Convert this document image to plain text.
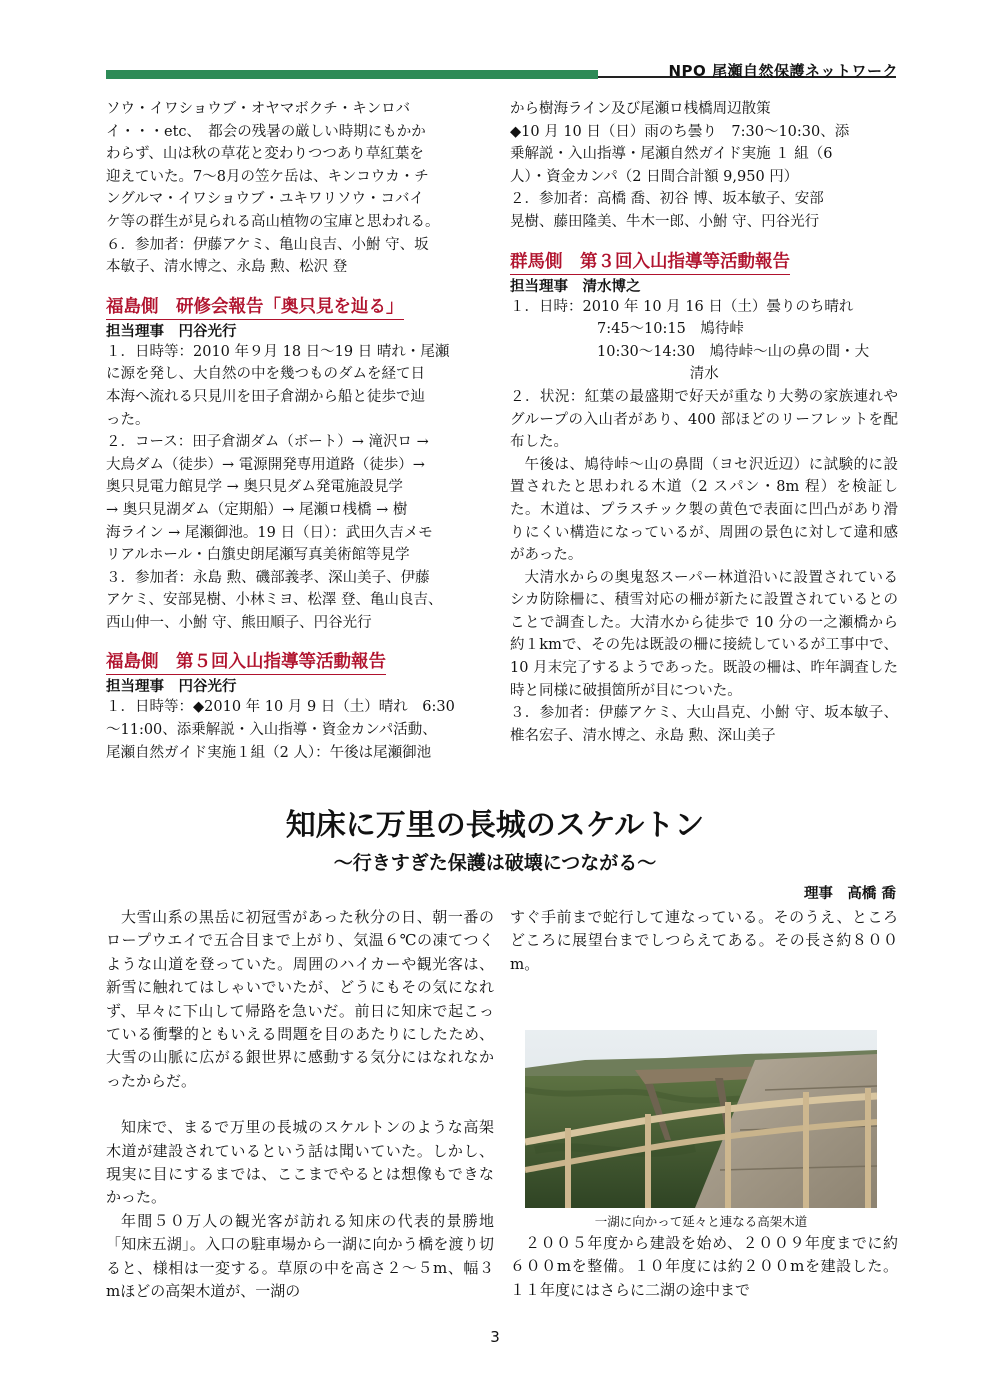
NPO 尾瀬自然保護ネットワーク

ソウ・イワショウブ・オヤマボクチ・キンロバ

イ・・・etc、　都会の残暑の厳しい時期にもかか

わらず、山は秋の草花と変わりつつあり草紅葉を

迎えていた。7～8月の笠ケ岳は、キンコウカ・チ

ングルマ・イワショウブ・ユキワリソウ・コバイ

ケ等の群生が見られる高山植物の宝庫と思われる。

６．参加者：伊藤アケミ、亀山良吉、小鮒 守、坂

本敏子、清水博之、永島 勲、松沢 登

福島側　研修会報告「奥只見を辿る」

担当理事　円谷光行

１．日時等：2010 年９月 18 日～19 日 晴れ・尾瀬

に源を発し、大自然の中を幾つものダムを経て日

本海へ流れる只見川を田子倉湖から船と徒歩で辿

った。

２．コース：田子倉湖ダム（ボート）→ 滝沢ロ →

大鳥ダム（徒歩）→ 電源開発専用道路（徒歩）→

奥只見電力館見学 → 奥只見ダム発電施設見学

→ 奥只見湖ダム（定期船）→ 尾瀬ロ桟橋 → 樹

海ライン → 尾瀬御池。19 日（日）：武田久吉メモ

リアルホール・白籏史朗尾瀬写真美術館等見学

３．参加者：永島 勲、磯部義孝、深山美子、伊藤

アケミ、安部晃樹、小林ミヨ、松澤 登、亀山良吉、

西山伸一、小鮒 守、熊田順子、円谷光行

福島側　第５回入山指導等活動報告

担当理事　円谷光行

１．日時等：◆2010 年 10 月 9 日（土）晴れ　6:30

～11:00、添乗解説・入山指導・資金カンパ活動、

尾瀬自然ガイド実施１組（2 人）：午後は尾瀬御池

から樹海ライン及び尾瀬ロ桟橋周辺散策

◆10 月 10 日（日）雨のち曇り　7:30～10:30、添

乗解説・入山指導・尾瀬自然ガイド実施 １ 組（6

人）・資金カンパ（2 日間合計額 9,950 円）

２．参加者：高橋 喬、初谷 博、坂本敏子、安部

晃樹、藤田隆美、牛木一郎、小鮒 守、円谷光行

群馬側　第３回入山指導等活動報告

担当理事　清水博之

１．日時：2010 年 10 月 16 日（土）曇りのち晴れ

7:45～10:15　鳩待峠

10:30～14:30　鳩待峠～山の鼻の間・大

清水

２．状況：紅葉の最盛期で好天が重なり大勢の家族連れやグループの入山者があり、400 部ほどのリーフレットを配布した。

午後は、鳩待峠～山の鼻間（ヨセ沢近辺）に試験的に設置されたと思われる木道（2 スパン・8m 程）を検証した。木道は、プラスチック製の黄色で表面に凹凸があり滑りにくい構造になっているが、周囲の景色に対して違和感があった。

大清水からの奥鬼怒スーパー林道沿いに設置されているシカ防除柵に、積雪対応の柵が新たに設置されているとのことで調査した。大清水から徒歩で 10 分の一之瀬橋から約１kmで、その先は既設の柵に接続しているが工事中で、10 月末完了するようであった。既設の柵は、昨年調査した時と同様に破損箇所が目についた。

３．参加者：伊藤アケミ、大山昌克、小鮒 守、坂本敏子、椎名宏子、清水博之、永島 勲、深山美子

知床に万里の長城のスケルトン
～行きすぎた保護は破壊につながる～

理事　高橋 喬

大雪山系の黒岳に初冠雪があった秋分の日、朝一番のロープウエイで五合目まで上がり、気温６℃の凍てつくような山道を登っていた。周囲のハイカーや観光客は、新雪に触れてはしゃいでいたが、どうにもその気になれず、早々に下山して帰路を急いだ。前日に知床で起こっている衝撃的ともいえる問題を目のあたりにしたため、大雪の山脈に広がる銀世界に感動する気分にはなれなかったからだ。

知床で、まるで万里の長城のスケルトンのような高架木道が建設されているという話は聞いていた。しかし、現実に目にするまでは、ここまでやるとは想像もできなかった。

年間５０万人の観光客が訪れる知床の代表的景勝地「知床五湖」。入口の駐車場から一湖に向かう橋を渡り切ると、様相は一変する。草原の中を高さ２～５m、幅３mほどの高架木道が、一湖の

すぐ手前まで蛇行して連なっている。そのうえ、ところどころに展望台までしつらえてある。その長さ約８００m。

一湖に向かって延々と連なる高架木道

２００５年度から建設を始め、２００９年度までに約６００mを整備。１０年度には約２００mを建設した。１１年度にはさらに二湖の途中まで

3
